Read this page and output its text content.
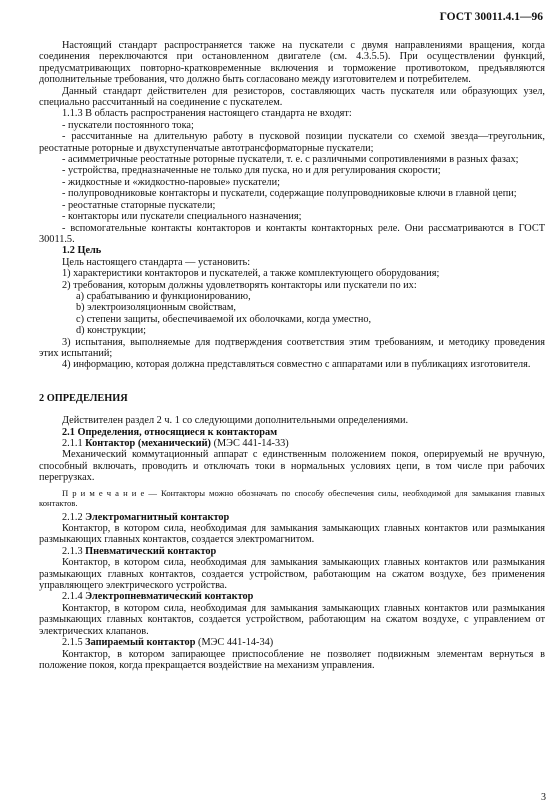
ГОСТ 30011.4.1—96

Настоящий стандарт распространяется также на пускатели с двумя направлениями вращения, когда соединения переключаются при остановленном двигателе (см. 4.3.5.5). При осуществлении функций, предусматривающих повторно-кратковременные включения и торможение противотоком, предъявляются дополнительные требования, что должно быть согласовано между изготовителем и потребителем.

Данный стандарт действителен для резисторов, составляющих часть пускателя или образующих узел, специально рассчитанный на соединение с пускателем.

1.1.3 В область распространения настоящего стандарта не входят:

- пускатели постоянного тока;

- рассчитанные на длительную работу в пусковой позиции пускатели со схемой звезда—треугольник, реостатные роторные и двухступенчатые автотрансформаторные пускатели;

- асимметричные реостатные роторные пускатели, т. е. с различными сопротивлениями в разных фазах;

- устройства, предназначенные не только для пуска, но и для регулирования скорости;

- жидкостные и «жидкостно-паровые» пускатели;

- полупроводниковые контакторы и пускатели, содержащие полупроводниковые ключи в главной цепи;

- реостатные статорные пускатели;

- контакторы или пускатели специального назначения;

- вспомогательные контакты контакторов и контакты контакторных реле. Они рассматриваются в ГОСТ 30011.5.

1.2 Цель

Цель настоящего стандарта — установить:

1) характеристики контакторов и пускателей, а также комплектующего оборудования;

2) требования, которым должны удовлетворять контакторы или пускатели по их:

a) срабатыванию и функционированию,

b) электроизоляционным свойствам,

c) степени защиты, обеспечиваемой их оболочками, когда уместно,

d) конструкции;

3) испытания, выполняемые для подтверждения соответствия этим требованиям, и методику проведения этих испытаний;

4) информацию, которая должна представляться совместно с аппаратами или в публикациях изготовителя.

2 ОПРЕДЕЛЕНИЯ

Действителен раздел 2 ч. 1 со следующими дополнительными определениями.

2.1 Определения, относящиеся к контакторам

2.1.1 Контактор (механический) (МЭС 441-14-33)

Механический коммутационный аппарат с единственным положением покоя, оперируемый не вручную, способный включать, проводить и отключать токи в нормальных условиях цепи, в том числе при рабочих перегрузках.

П р и м е ч а н и е — Контакторы можно обозначать по способу обеспечения силы, необходимой для замыкания главных контактов.

2.1.2 Электромагнитный контактор

Контактор, в котором сила, необходимая для замыкания замыкающих главных контактов или размыкания размыкающих главных контактов, создается электромагнитом.

2.1.3 Пневматический контактор

Контактор, в котором сила, необходимая для замыкания замыкающих главных контактов или размыкания размыкающих главных контактов, создается устройством, работающим на сжатом воздухе, без применения управляющего электрического устройства.

2.1.4 Электропневматический контактор

Контактор, в котором сила, необходимая для замыкания замыкающих главных контактов или размыкания размыкающих главных контактов, создается устройством, работающим на сжатом воздухе, с управлением от электрических клапанов.

2.1.5 Запираемый контактор (МЭС 441-14-34)

Контактор, в котором запирающее приспособление не позволяет подвижным элементам вернуться в положение покоя, когда прекращается воздействие на механизм управления.

3
